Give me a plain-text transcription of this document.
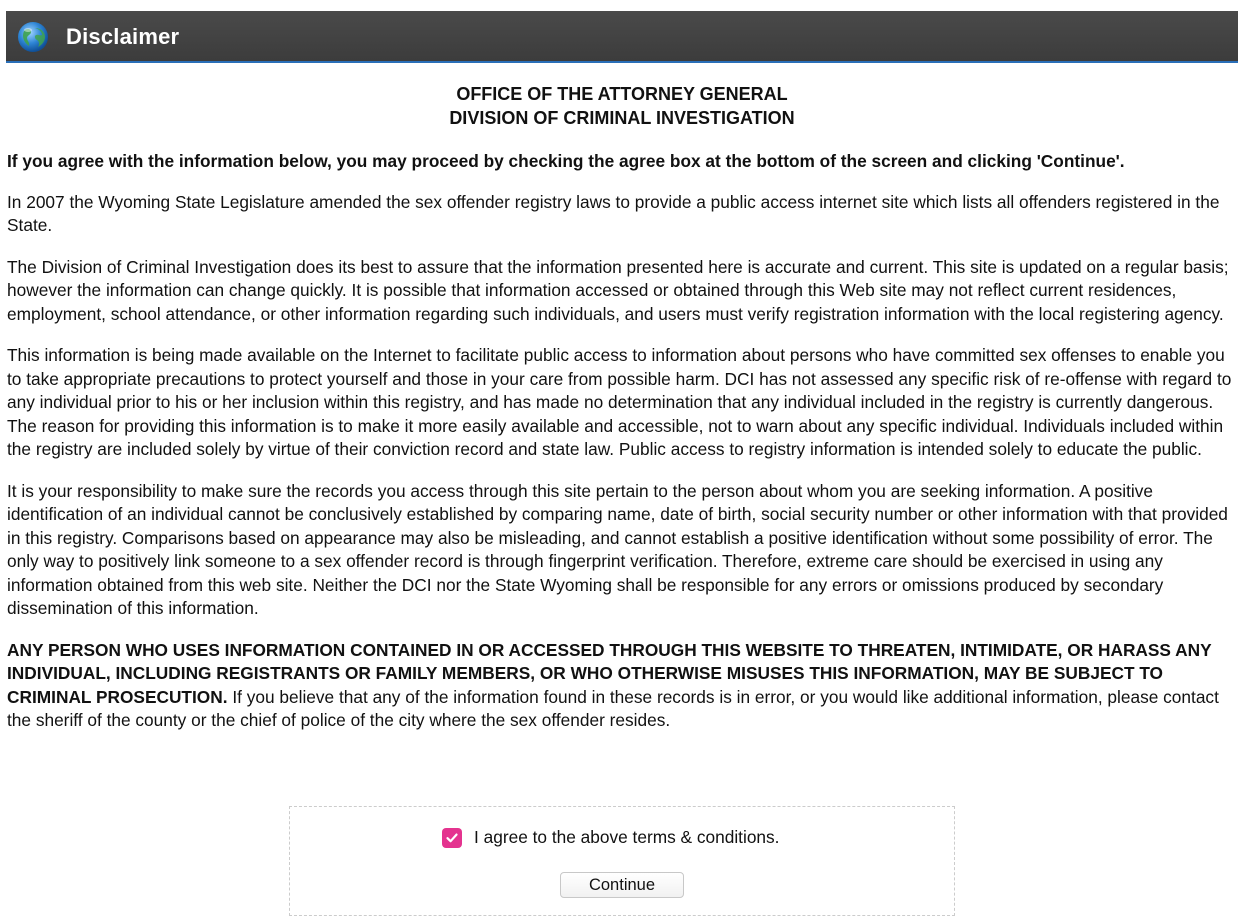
Disclaimer
OFFICE OF THE ATTORNEY GENERAL
DIVISION OF CRIMINAL INVESTIGATION

If you agree with the information below, you may proceed by checking the agree box at the bottom of the screen and clicking 'Continue'.

In 2007 the Wyoming State Legislature amended the sex offender registry laws to provide a public access internet site which lists all offenders registered in the State.

The Division of Criminal Investigation does its best to assure that the information presented here is accurate and current. This site is updated on a regular basis; however the information can change quickly. It is possible that information accessed or obtained through this Web site may not reflect current residences, employment, school attendance, or other information regarding such individuals, and users must verify registration information with the local registering agency.

This information is being made available on the Internet to facilitate public access to information about persons who have committed sex offenses to enable you to take appropriate precautions to protect yourself and those in your care from possible harm. DCI has not assessed any specific risk of re-offense with regard to any individual prior to his or her inclusion within this registry, and has made no determination that any individual included in the registry is currently dangerous. The reason for providing this information is to make it more easily available and accessible, not to warn about any specific individual. Individuals included within the registry are included solely by virtue of their conviction record and state law. Public access to registry information is intended solely to educate the public.

It is your responsibility to make sure the records you access through this site pertain to the person about whom you are seeking information. A positive identification of an individual cannot be conclusively established by comparing name, date of birth, social security number or other information with that provided in this registry. Comparisons based on appearance may also be misleading, and cannot establish a positive identification without some possibility of error. The only way to positively link someone to a sex offender record is through fingerprint verification. Therefore, extreme care should be exercised in using any information obtained from this web site. Neither the DCI nor the State Wyoming shall be responsible for any errors or omissions produced by secondary dissemination of this information.

ANY PERSON WHO USES INFORMATION CONTAINED IN OR ACCESSED THROUGH THIS WEBSITE TO THREATEN, INTIMIDATE, OR HARASS ANY INDIVIDUAL, INCLUDING REGISTRANTS OR FAMILY MEMBERS, OR WHO OTHERWISE MISUSES THIS INFORMATION, MAY BE SUBJECT TO CRIMINAL PROSECUTION. If you believe that any of the information found in these records is in error, or you would like additional information, please contact the sheriff of the county or the chief of police of the city where the sex offender resides.

I agree to the above terms & conditions.
Continue
